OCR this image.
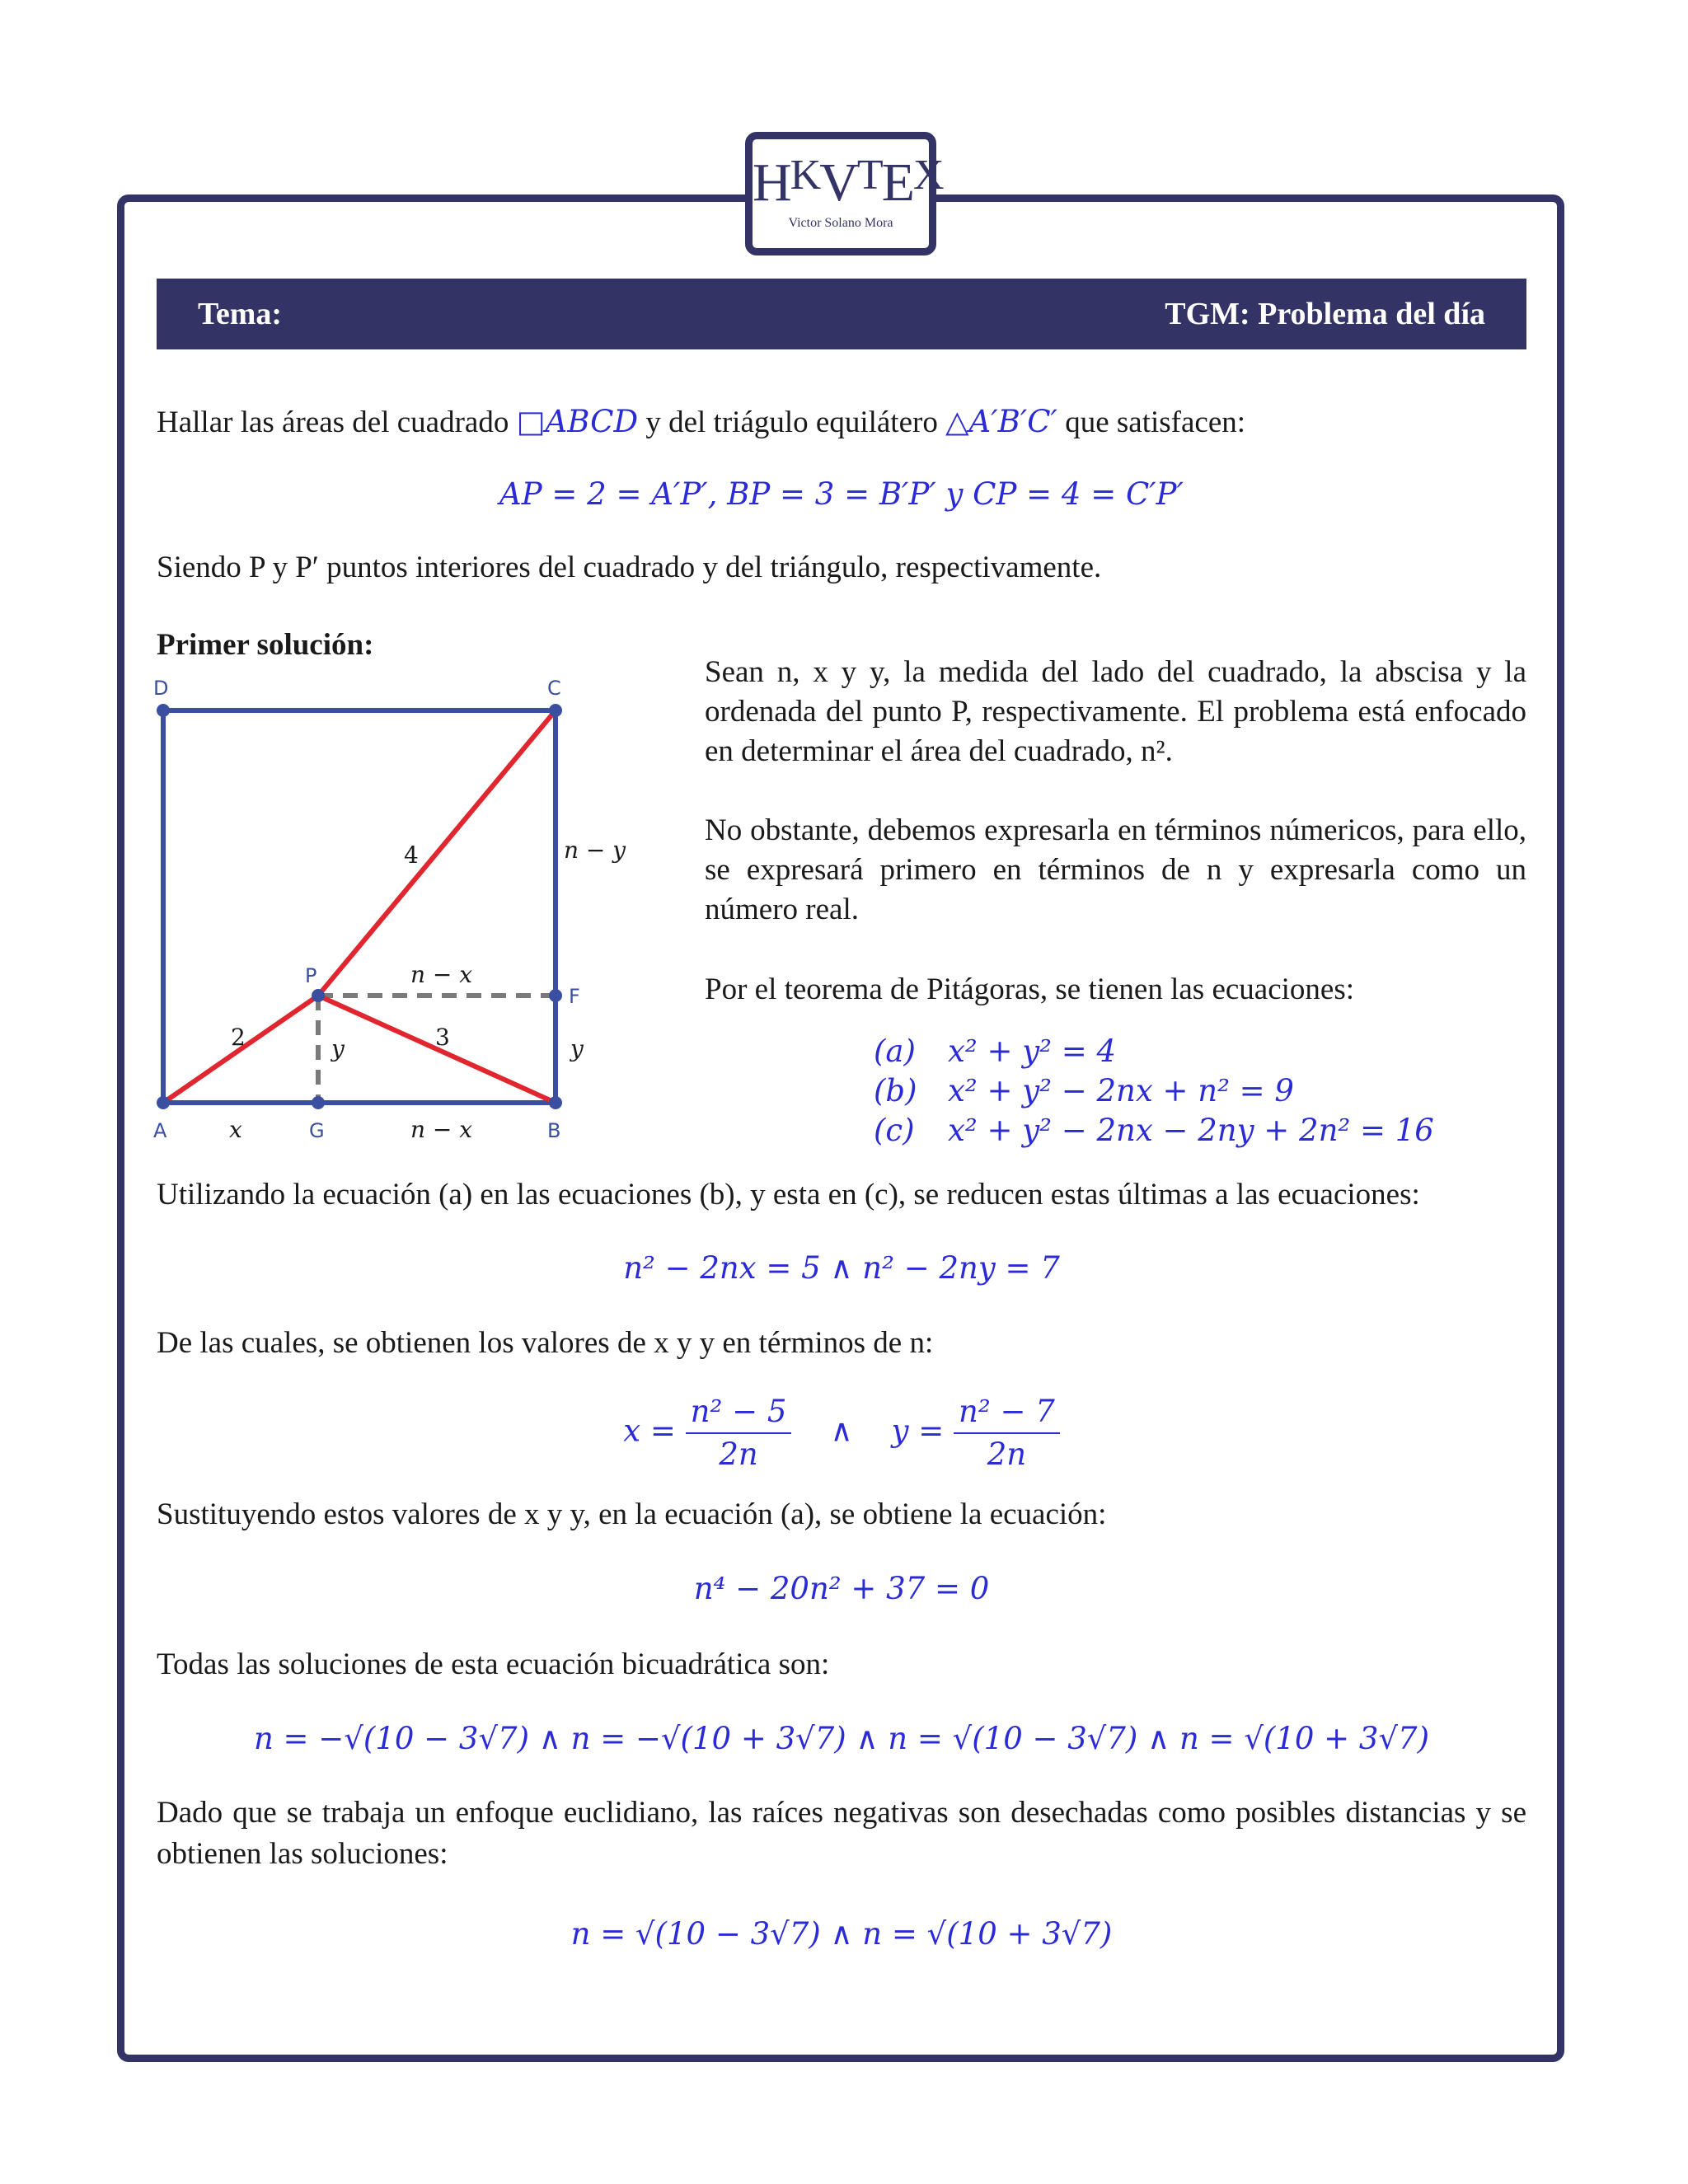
$H^KV^TE^X$
Victor Solano Mora
Tema:	TGM: Problema del día
Hallar las áreas del cuadrado □ABCD y del triágulo equilátero △A′B′C′ que satisfacen:
AP = 2 = A′P′, BP = 3 = B′P′ y CP = 4 = C′P′
Siendo P y P′ puntos interiores del cuadrado y del triángulo, respectivamente.
Primer solución:
D	C
A	B
P
F
G
2	3
4	n − y
n − x
y	y
x	n − x
Sean n, x y y, la medida del lado del cuadrado, la abscisa y la ordenada del punto P, respectivamente. El problema está enfocado en determinar el área del cuadrado, n².
No obstante, debemos expresarla en términos númericos, para ello, se expresará primero en términos de n y expresarla como un número real.
Por el teorema de Pitágoras, se tienen las ecuaciones:
(a) x² + y² = 4
(b) x² + y² − 2nx + n² = 9
(c) x² + y² − 2nx − 2ny + 2n² = 16
Utilizando la ecuación (a) en las ecuaciones (b), y esta en (c), se reducen estas últimas a las ecuaciones:
n² − 2nx = 5 ∧ n² − 2ny = 7
De las cuales, se obtienen los valores de x y y en términos de n:
$x = \frac{\text{n² − 5}}{2n}$ ∧ $y = \frac{\text{n² − 7}}{2n}$
Sustituyendo estos valores de x y y, en la ecuación (a), se obtiene la ecuación:
n⁴ − 20n² + 37 = 0
Todas las soluciones de esta ecuación bicuadrática son:
n = −√(10 − 3√7) ∧ n = −√(10 + 3√7) ∧ n = √(10 − 3√7) ∧ n = √(10 + 3√7)
Dado que se trabaja un enfoque euclidiano, las raíces negativas son desechadas como posibles distancias y se obtienen las soluciones:
n = √(10 − 3√7) ∧ n = √(10 + 3√7)
